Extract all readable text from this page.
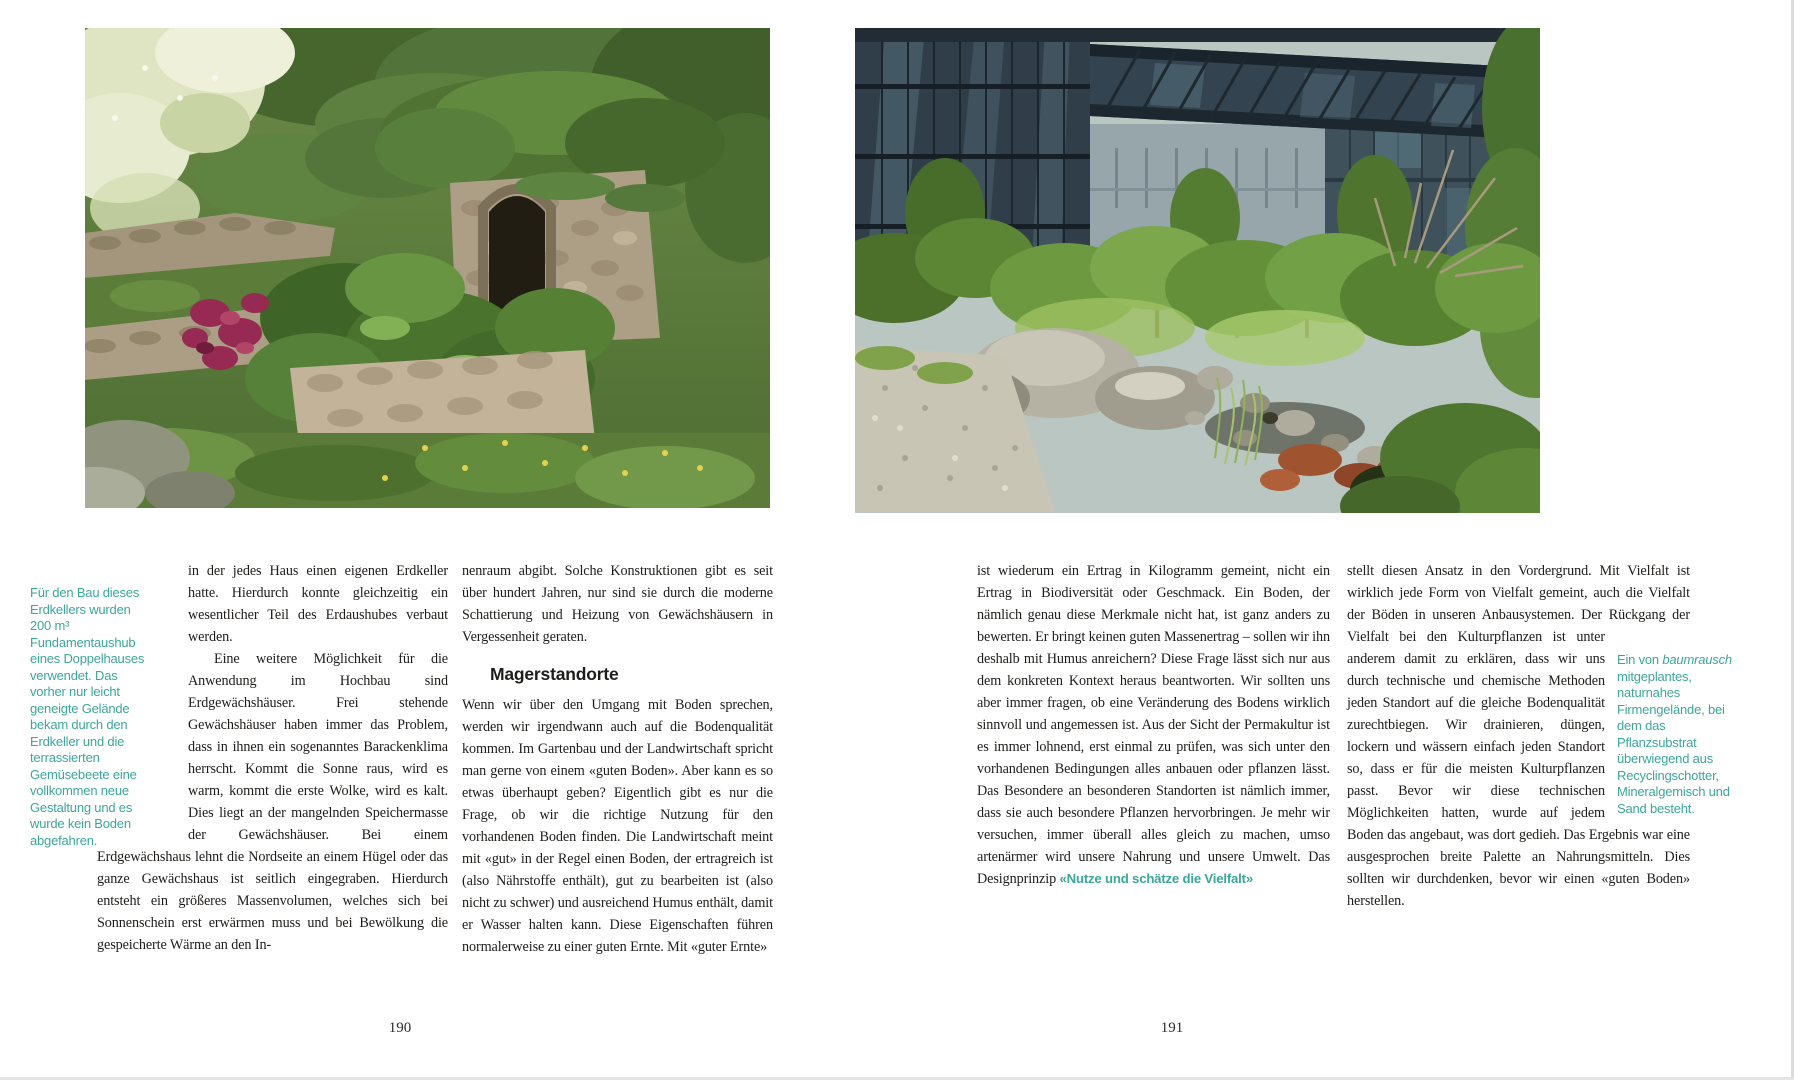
Für den Bau dieses Erdkellers wurden 200 m³ Fundamentaushub eines Doppelhauses verwendet. Das vorher nur leicht geneigte Gelände bekam durch den Erdkeller und die terrassierten Gemüsebeete eine vollkommen neue Gestaltung und es wurde kein Boden abgefahren.

in der jedes Haus einen eigenen Erdkeller hatte. Hierdurch konnte gleichzeitig ein wesentlicher Teil des Erdaushubes verbaut werden.

Eine weitere Möglichkeit für die Anwendung im Hochbau sind Erdgewächshäuser. Frei stehende Gewächshäuser haben immer das Problem, dass in ihnen ein sogenanntes Barackenklima herrscht. Kommt die Sonne raus, wird es warm, kommt die erste Wolke, wird es kalt. Dies liegt an der mangelnden Speichermasse der Gewächshäuser. Bei einem Erdgewächshaus lehnt die Nordseite an einem Hügel oder das ganze Gewächshaus ist seitlich eingegraben. Hierdurch entsteht ein größeres Massenvolumen, welches sich bei Sonnenschein erst erwärmen muss und bei Bewölkung die gespeicherte Wärme an den In-

nenraum abgibt. Solche Konstruktionen gibt es seit über hundert Jahren, nur sind sie durch die moderne Schattierung und Heizung von Gewächshäusern in Vergessenheit geraten.

Magerstandorte

Wenn wir über den Umgang mit Boden sprechen, werden wir irgendwann auch auf die Bodenqualität kommen. Im Gartenbau und der Landwirtschaft spricht man gerne von einem «guten Boden». Aber kann es so etwas überhaupt geben? Eigentlich gibt es nur die Frage, ob wir die richtige Nutzung für den vorhandenen Boden finden. Die Landwirtschaft meint mit «gut» in der Regel einen Boden, der ertragreich ist (also Nährstoffe enthält), gut zu bearbeiten ist (also nicht zu schwer) und ausreichend Humus enthält, damit er Wasser halten kann. Diese Eigenschaften führen normalerweise zu einer guten Ernte. Mit «guter Ernte»

ist wiederum ein Ertrag in Kilogramm gemeint, nicht ein Ertrag in Biodiversität oder Geschmack. Ein Boden, der nämlich genau diese Merkmale nicht hat, ist ganz anders zu bewerten. Er bringt keinen guten Massenertrag – sollen wir ihn deshalb mit Humus anreichern? Diese Frage lässt sich nur aus dem konkreten Kontext heraus beantworten. Wir sollten uns aber immer fragen, ob eine Veränderung des Bodens wirklich sinnvoll und angemessen ist. Aus der Sicht der Permakultur ist es immer lohnend, erst einmal zu prüfen, was sich unter den vorhandenen Bedingungen alles anbauen oder pflanzen lässt. Das Besondere an besonderen Standorten ist nämlich immer, dass sie auch besondere Pflanzen hervorbringen. Je mehr wir versuchen, immer überall alles gleich zu machen, umso artenärmer wird unsere Nahrung und unsere Umwelt. Das Designprinzip «Nutze und schätze die Vielfalt»

stellt diesen Ansatz in den Vordergrund. Mit Vielfalt ist wirklich jede Form von Vielfalt gemeint, auch die Vielfalt der Böden in unseren Anbausystemen. Der Rückgang der Vielfalt bei den Kulturpflanzen ist unter anderem damit zu erklären, dass wir uns durch technische und chemische Methoden jeden Standort auf die gleiche Bodenqualität zurechtbiegen. Wir drainieren, düngen, lockern und wässern einfach jeden Standort so, dass er für die meisten Kulturpflanzen passt. Bevor wir diese technischen Möglichkeiten hatten, wurde auf jedem Boden das angebaut, was dort gedieh. Das Ergebnis war eine ausgesprochen breite Palette an Nahrungsmitteln. Dies sollten wir durchdenken, bevor wir einen «guten Boden» herstellen.

Ein von baumrausch mitgeplantes, naturnahes Firmengelände, bei dem das Pflanzsubstrat überwiegend aus Recyclingschotter, Mineralgemisch und Sand besteht.
190	191
